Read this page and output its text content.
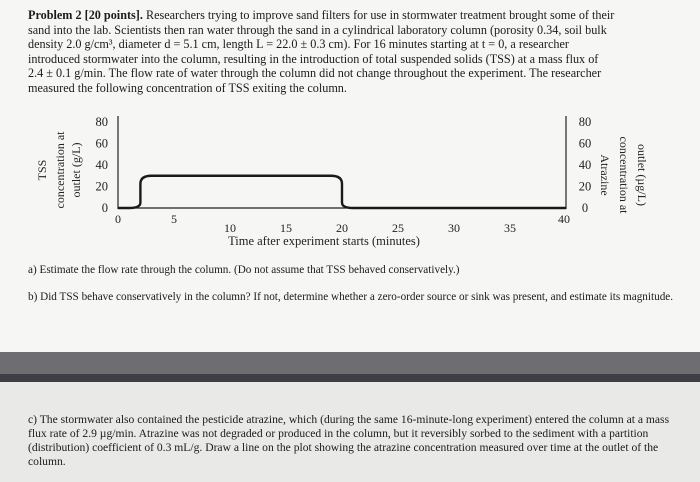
Problem 2 [20 points]. Researchers trying to improve sand filters for use in stormwater treatment brought some of their
sand into the lab. Scientists then ran water through the sand in a cylindrical laboratory column (porosity 0.34, soil bulk
density 2.0 g/cm³, diameter d = 5.1 cm, length L = 22.0 ± 0.3 cm). For 16 minutes starting at t = 0, a researcher
introduced stormwater into the column, resulting in the introduction of total suspended solids (TSS) at a mass flux of
2.4 ± 0.1 g/min. The flow rate of water through the column did not change throughout the experiment. The researcher
measured the following concentration of TSS exiting the column.
0
20
40
60
80
0
20
40
60
80
0	5
10	15	20	25	30	35
40
Time after experiment starts (minutes)
TSS concentration at outlet (g/L)	Atrazine concentration at outlet (µg/L)
a) Estimate the flow rate through the column. (Do not assume that TSS behaved conservatively.)
b) Did TSS behave conservatively in the column? If not, determine whether a zero-order source or sink was present, and estimate its magnitude.
c) The stormwater also contained the pesticide atrazine, which (during the same 16-minute-long experiment) entered the column at a mass flux rate of 2.9 µg/min. Atrazine was not degraded or produced in the column, but it reversibly sorbed to the sediment with a partition (distribution) coefficient of 0.3 mL/g. Draw a line on the plot showing the atrazine concentration measured over time at the outlet of the column.
